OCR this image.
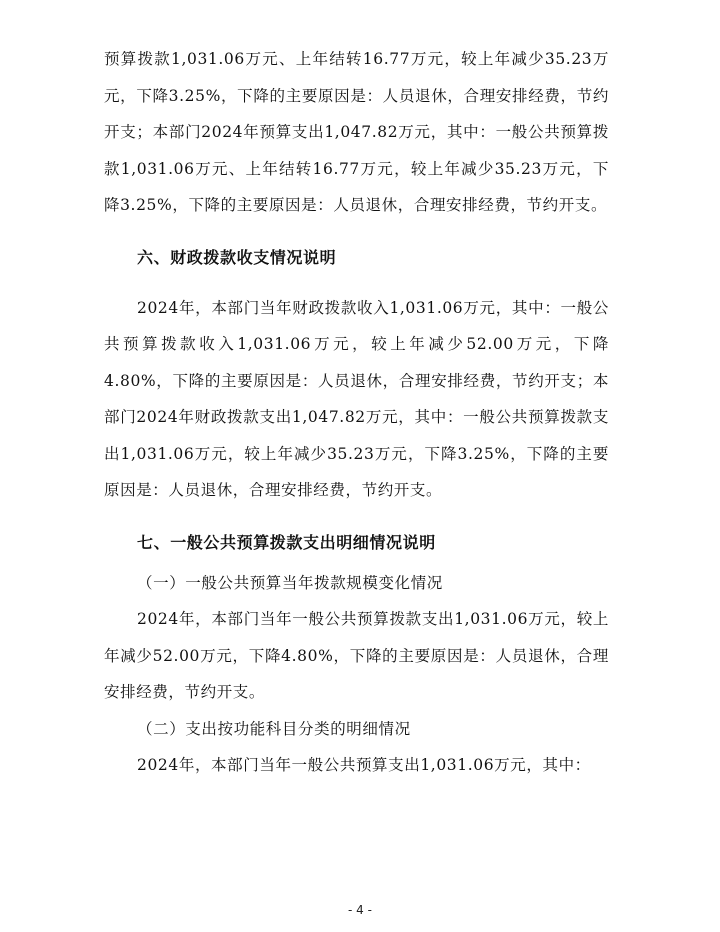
预算拨款1,031.06万元、上年结转16.77万元，较上年减少35.23万元，下降3.25%，下降的主要原因是：人员退休，合理安排经费，节约开支；本部门2024年预算支出1,047.82万元，其中：一般公共预算拨款1,031.06万元、上年结转16.77万元，较上年减少35.23万元，下降3.25%，下降的主要原因是：人员退休，合理安排经费，节约开支。

六、财政拨款收支情况说明

2024年，本部门当年财政拨款收入1,031.06万元，其中：一般公共预算拨款收入1,031.06万元，较上年减少52.00万元，下降4.80%，下降的主要原因是：人员退休，合理安排经费，节约开支；本部门2024年财政拨款支出1,047.82万元，其中：一般公共预算拨款支出1,031.06万元，较上年减少35.23万元，下降3.25%，下降的主要原因是：人员退休，合理安排经费，节约开支。

七、一般公共预算拨款支出明细情况说明

（一）一般公共预算当年拨款规模变化情况

2024年，本部门当年一般公共预算拨款支出1,031.06万元，较上年减少52.00万元，下降4.80%，下降的主要原因是：人员退休，合理安排经费，节约开支。

（二）支出按功能科目分类的明细情况

2024年，本部门当年一般公共预算支出1,031.06万元，其中：

- 4 -
